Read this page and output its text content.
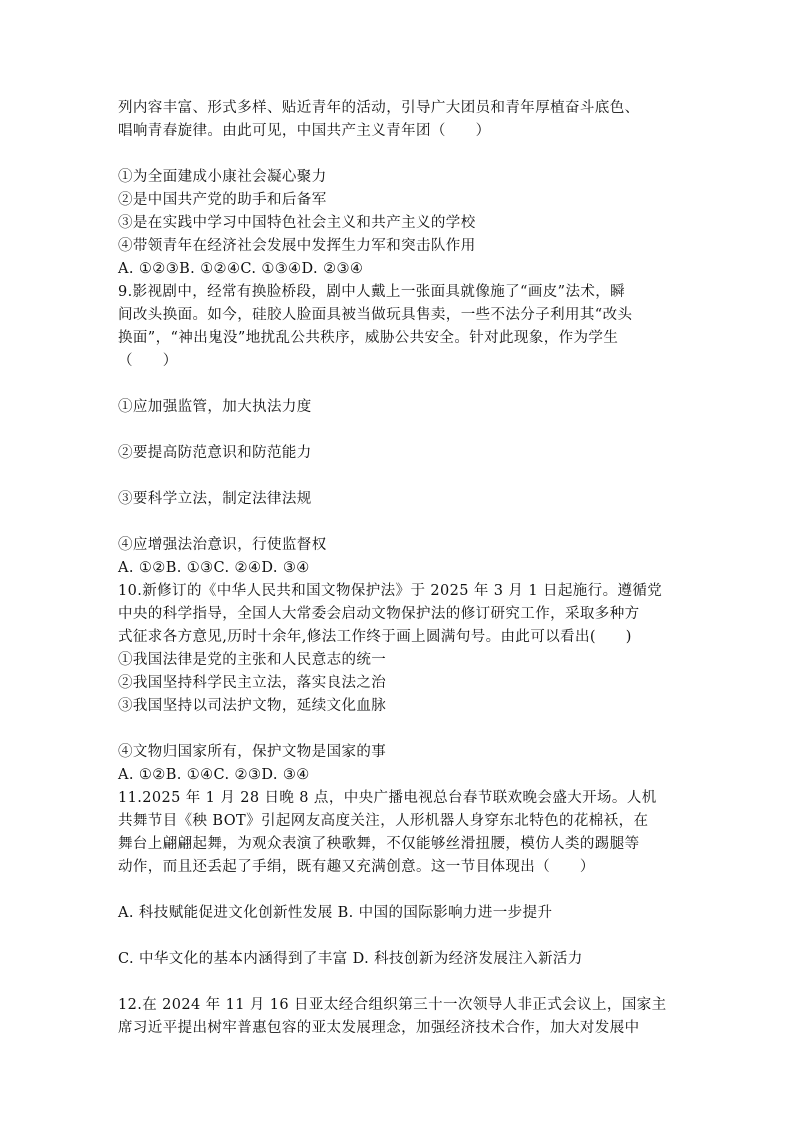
列内容丰富、形式多样、贴近青年的活动，引导广大团员和青年厚植奋斗底色、
唱响青春旋律。由此可见，中国共产主义青年团（　　）
①为全面建成小康社会凝心聚力
②是中国共产党的助手和后备军
③是在实践中学习中国特色社会主义和共产主义的学校
④带领青年在经济社会发展中发挥生力军和突击队作用
A. ①②③B. ①②④C. ①③④D. ②③④
9.影视剧中，经常有换脸桥段，剧中人戴上一张面具就像施了“画皮”法术，瞬
间改头换面。如今，硅胶人脸面具被当做玩具售卖，一些不法分子利用其“改头
换面”，“神出鬼没”地扰乱公共秩序，威胁公共安全。针对此现象，作为学生
（　　）
①应加强监管，加大执法力度
②要提高防范意识和防范能力
③要科学立法，制定法律法规
④应增强法治意识，行使监督权
A. ①②B. ①③C. ②④D. ③④
10.新修订的《中华人民共和国文物保护法》于 2025 年 3 月 1 日起施行。遵循党
中央的科学指导，全国人大常委会启动文物保护法的修订研究工作，采取多种方
式征求各方意见,历时十余年,修法工作终于画上圆满句号。由此可以看出(　　)
①我国法律是党的主张和人民意志的统一
②我国坚持科学民主立法，落实良法之治
③我国坚持以司法护文物，延续文化血脉
④文物归国家所有，保护文物是国家的事
A. ①②B. ①④C. ②③D. ③④
11.2025 年 1 月 28 日晚 8 点，中央广播电视总台春节联欢晚会盛大开场。人机
共舞节目《秧 BOT》引起网友高度关注，人形机器人身穿东北特色的花棉袄，在
舞台上翩翩起舞，为观众表演了秧歌舞，不仅能够丝滑扭腰，模仿人类的踢腿等
动作，而且还丢起了手绢，既有趣又充满创意。这一节目体现出（　　）
A. 科技赋能促进文化创新性发展 B. 中国的国际影响力进一步提升
C. 中华文化的基本内涵得到了丰富 D. 科技创新为经济发展注入新活力
12.在 2024 年 11 月 16 日亚太经合组织第三十一次领导人非正式会议上，国家主
席习近平提出树牢普惠包容的亚太发展理念，加强经济技术合作，加大对发展中
